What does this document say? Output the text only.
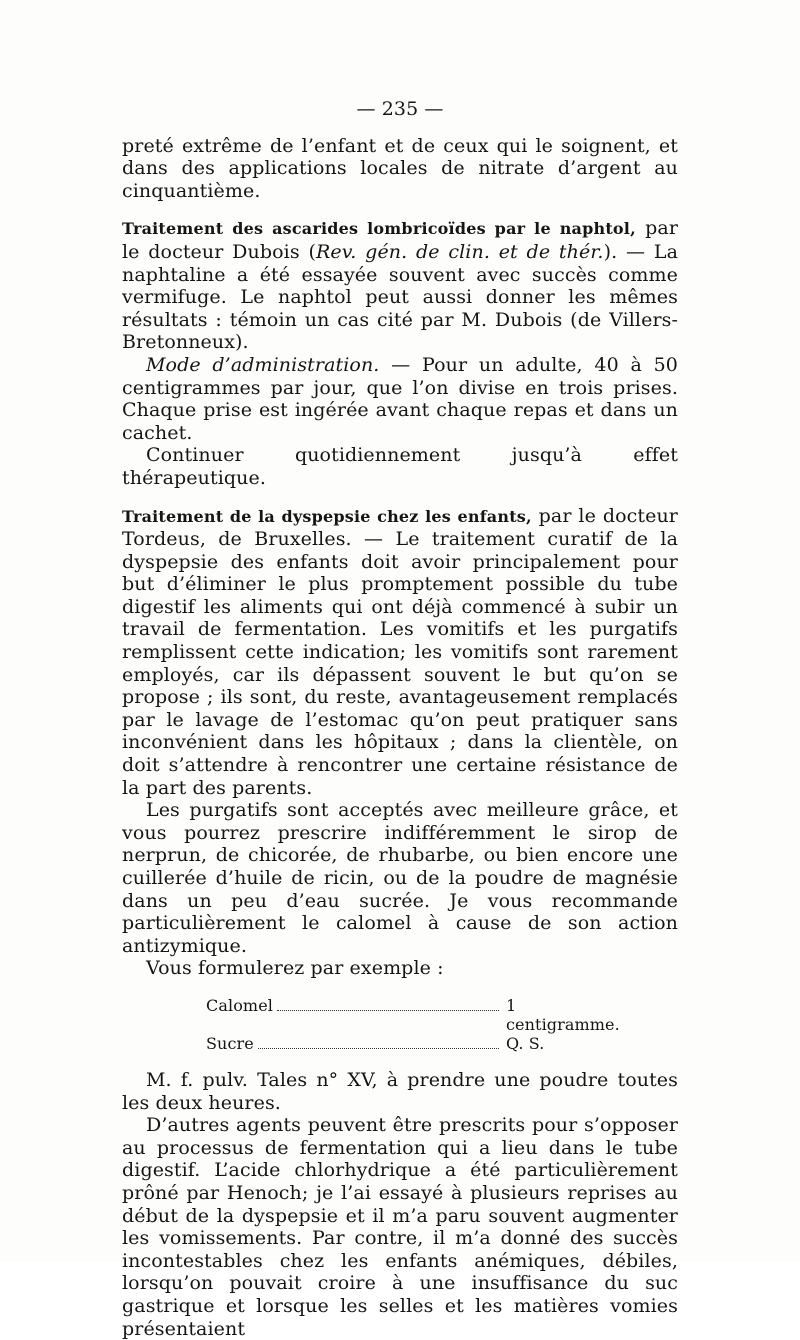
— 235 —

preté extrême de l’enfant et de ceux qui le soignent, et dans des applications locales de nitrate d’argent au cinquantième.

Traitement des ascarides lombricoïdes par le naphtol, par le docteur Dubois (Rev. gén. de clin. et de thér.). — La naphtaline a été essayée souvent avec succès comme vermifuge. Le naphtol peut aussi donner les mêmes résultats : témoin un cas cité par M. Dubois (de Villers-Bretonneux).

Mode d’administration. — Pour un adulte, 40 à 50 centigrammes par jour, que l’on divise en trois prises. Chaque prise est ingérée avant chaque repas et dans un cachet.

Continuer quotidiennement jusqu’à effet thérapeutique.

Traitement de la dyspepsie chez les enfants, par le docteur Tordeus, de Bruxelles. — Le traitement curatif de la dyspepsie des enfants doit avoir principalement pour but d’éliminer le plus promptement possible du tube digestif les aliments qui ont déjà commencé à subir un travail de fermentation. Les vomitifs et les purgatifs remplissent cette indication; les vomitifs sont rarement employés, car ils dépassent souvent le but qu’on se propose ; ils sont, du reste, avantageusement remplacés par le lavage de l’estomac qu’on peut pratiquer sans inconvénient dans les hôpitaux ; dans la clientèle, on doit s’attendre à rencontrer une certaine résistance de la part des parents.

Les purgatifs sont acceptés avec meilleure grâce, et vous pourrez prescrire indifféremment le sirop de nerprun, de chicorée, de rhubarbe, ou bien encore une cuillerée d’huile de ricin, ou de la poudre de magnésie dans un peu d’eau sucrée. Je vous recommande particulièrement le calomel à cause de son action antizymique.

Vous formulerez par exemple :

Calomel	1 centigramme.
Sucre	Q. S.

M. f. pulv. Tales n° XV, à prendre une poudre toutes les deux heures.

D’autres agents peuvent être prescrits pour s’opposer au processus de fermentation qui a lieu dans le tube digestif. L’acide chlorhydrique a été particulièrement prôné par Henoch; je l’ai essayé à plusieurs reprises au début de la dyspepsie et il m’a paru souvent augmenter les vomissements. Par contre, il m’a donné des succès incontestables chez les enfants anémiques, débiles, lorsqu’on pouvait croire à une insuffisance du suc gastrique et lorsque les selles et les matières vomies présentaient
